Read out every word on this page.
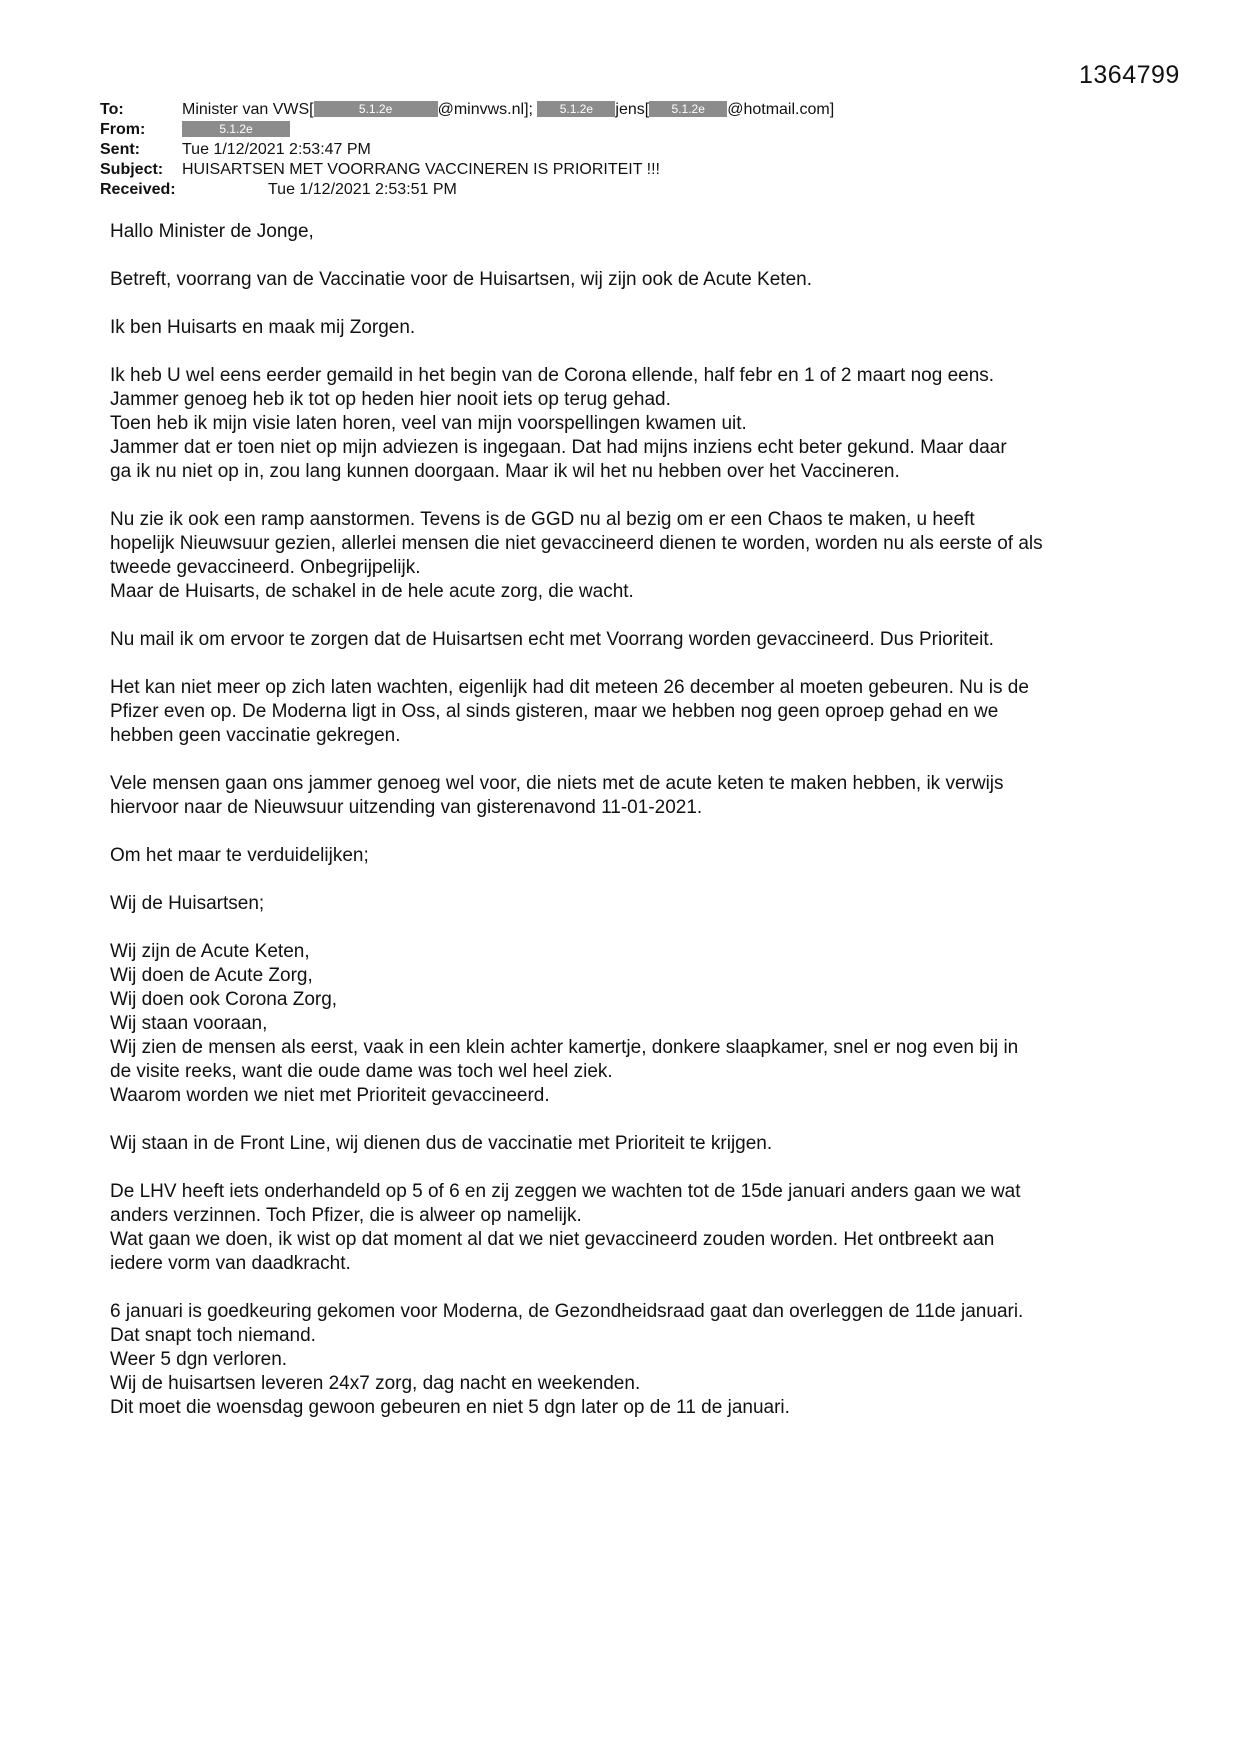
1364799
To:	Minister van VWS[	5.1.2e	@minvws.nl]; 5.1.2e jens[ 5.1.2e @hotmail.com]
From:	5.1.2e
Sent:	Tue 1/12/2021 2:53:47 PM
Subject: HUISARTSEN MET VOORRANG VACCINEREN IS PRIORITEIT !!!
Received:	Tue 1/12/2021 2:53:51 PM
Hallo Minister de Jonge,
Betreft, voorrang van de Vaccinatie voor de Huisartsen, wij zijn ook de Acute Keten.
Ik ben Huisarts en maak mij Zorgen.
Ik heb U wel eens eerder gemaild in het begin van de Corona ellende, half febr en 1 of 2 maart nog eens.
Jammer genoeg heb ik tot op heden hier nooit iets op terug gehad.
Toen heb ik mijn visie laten horen, veel van mijn voorspellingen kwamen uit.
Jammer dat er toen niet op mijn adviezen is ingegaan. Dat had mijns inziens echt beter gekund. Maar daar
ga ik nu niet op in, zou lang kunnen doorgaan. Maar ik wil het nu hebben over het Vaccineren.
Nu zie ik ook een ramp aanstormen. Tevens is de GGD nu al bezig om er een Chaos te maken, u heeft
hopelijk Nieuwsuur gezien, allerlei mensen die niet gevaccineerd dienen te worden, worden nu als eerste of als
tweede gevaccineerd. Onbegrijpelijk.
Maar de Huisarts, de schakel in de hele acute zorg, die wacht.
Nu mail ik om ervoor te zorgen dat de Huisartsen echt met Voorrang worden gevaccineerd. Dus Prioriteit.
Het kan niet meer op zich laten wachten, eigenlijk had dit meteen 26 december al moeten gebeuren. Nu is de
Pfizer even op. De Moderna ligt in Oss, al sinds gisteren, maar we hebben nog geen oproep gehad en we
hebben geen vaccinatie gekregen.
Vele mensen gaan ons jammer genoeg wel voor, die niets met de acute keten te maken hebben, ik verwijs
hiervoor naar de Nieuwsuur uitzending van gisterenavond 11-01-2021.
Om het maar te verduidelijken;
Wij de Huisartsen;
Wij zijn de Acute Keten,
Wij doen de Acute Zorg,
Wij doen ook Corona Zorg,
Wij staan vooraan,
Wij zien de mensen als eerst, vaak in een klein achter kamertje, donkere slaapkamer, snel er nog even bij in
de visite reeks, want die oude dame was toch wel heel ziek.
Waarom worden we niet met Prioriteit gevaccineerd.
Wij staan in de Front Line, wij dienen dus de vaccinatie met Prioriteit te krijgen.
De LHV heeft iets onderhandeld op 5 of 6 en zij zeggen we wachten tot de 15de januari anders gaan we wat
anders verzinnen. Toch Pfizer, die is alweer op namelijk.
Wat gaan we doen, ik wist op dat moment al dat we niet gevaccineerd zouden worden. Het ontbreekt aan
iedere vorm van daadkracht.
6 januari is goedkeuring gekomen voor Moderna, de Gezondheidsraad gaat dan overleggen de 11de januari.
Dat snapt toch niemand.
Weer 5 dgn verloren.
Wij de huisartsen leveren 24x7 zorg, dag nacht en weekenden.
Dit moet die woensdag gewoon gebeuren en niet 5 dgn later op de 11 de januari.
